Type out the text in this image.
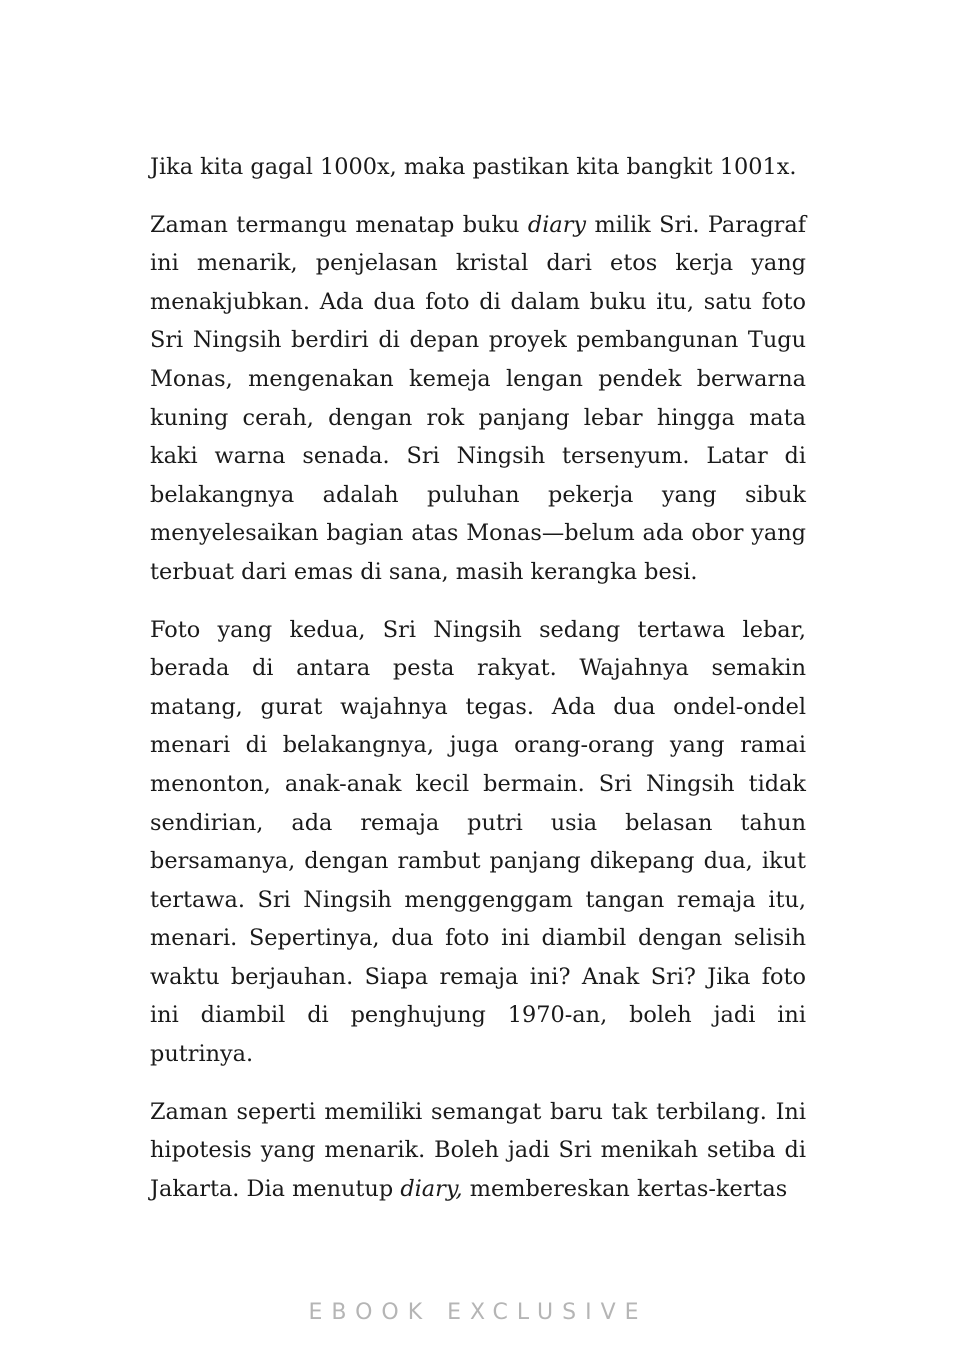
Jika kita gagal 1000x, maka pastikan kita bangkit 1001x.

Zaman termangu menatap buku diary milik Sri. Paragraf ini menarik, penjelasan kristal dari etos kerja yang menakjubkan. Ada dua foto di dalam buku itu, satu foto Sri Ningsih berdiri di depan proyek pembangunan Tugu Monas, mengenakan kemeja lengan pendek berwarna kuning cerah, dengan rok panjang lebar hingga mata kaki warna senada. Sri Ningsih tersenyum. Latar di belakangnya adalah puluhan pekerja yang sibuk menyelesaikan bagian atas Monas—belum ada obor yang terbuat dari emas di sana, masih kerangka besi.

Foto yang kedua, Sri Ningsih sedang tertawa lebar, berada di antara pesta rakyat. Wajahnya semakin matang, gurat wajahnya tegas. Ada dua ondel-ondel menari di belakangnya, juga orang-orang yang ramai menonton, anak-anak kecil bermain. Sri Ningsih tidak sendirian, ada remaja putri usia belasan tahun bersamanya, dengan rambut panjang dikepang dua, ikut tertawa. Sri Ningsih menggenggam tangan remaja itu, menari. Sepertinya, dua foto ini diambil dengan selisih waktu berjauhan. Siapa remaja ini? Anak Sri? Jika foto ini diambil di penghujung 1970-an, boleh jadi ini putrinya.

Zaman seperti memiliki semangat baru tak terbilang. Ini hipotesis yang menarik. Boleh jadi Sri menikah setiba di Jakarta. Dia menutup diary, membereskan kertas-kertas

EBOOK EXCLUSIVE
